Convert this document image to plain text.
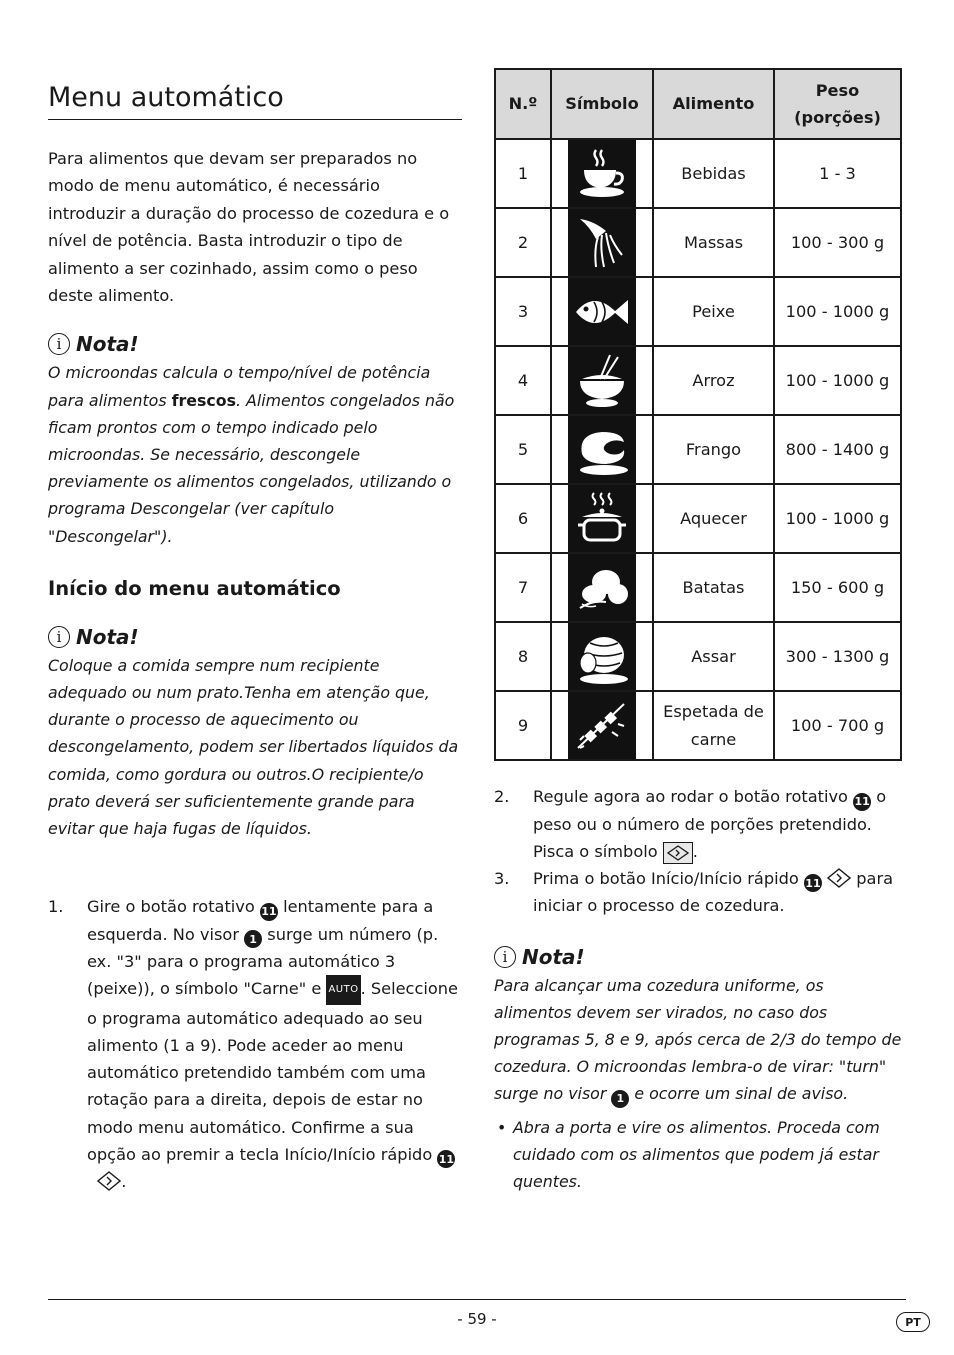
Menu automático

Para alimentos que devam ser preparados no modo de menu automático, é necessário introduzir a duração do processo de cozedura e o nível de potência. Basta introduzir o tipo de alimento a ser cozinhado, assim como o peso deste alimento.

i Nota!

O microondas calcula o tempo/nível de potência para alimentos frescos. Alimentos congelados não ficam prontos com o tempo indicado pelo microondas. Se necessário, descongele previamente os alimentos congelados, utilizando o programa Descongelar (ver capítulo "Descongelar").

Início do menu automático
i Nota!

Coloque a comida sempre num recipiente adequado ou num prato.Tenha em atenção que, durante o processo de aquecimento ou descongelamento, podem ser libertados líquidos da comida, como gordura ou outros.O recipiente/o prato deverá ser suficientemente grande para evitar que haja fugas de líquidos.

1.	Gire o botão rotativo 11 lentamente para a esquerda. No visor 1 surge um número (p. ex. "3" para o programa automático 3 (peixe)), o símbolo "Carne" e AUTO . Seleccione o programa automático adequado ao seu alimento (1 a 9). Pode aceder ao menu automático pretendido também com uma rotação para a direita, depois de estar no modo menu automático. Confirme a sua opção ao premir a tecla Início/Início rápido 11  .
N.º	Símbolo	Alimento	Peso (porções)
1		Bebidas	1 - 3
2		Massas	100 - 300 g
3		Peixe	100 - 1000 g
4		Arroz	100 - 1000 g
5		Frango	800 - 1400 g
6		Aquecer	100 - 1000 g
7		Batatas	150 - 600 g
8		Assar	300 - 1300 g
9		Espetada de carne	100 - 700 g
2.	Regule agora ao rodar o botão rotativo 11 o peso ou o número de porções pretendido. Pisca o símbolo
.
3.	Prima o botão Início/Início rápido 11  para iniciar o processo de cozedura.
i Nota!

Para alcançar uma cozedura uniforme, os alimentos devem ser virados, no caso dos programas 5, 8 e 9, após cerca de 2/3 do tempo de cozedura. O microondas lembra-o de virar: "turn" surge no visor 1 e ocorre um sinal de aviso.

• Abra a porta e vire os alimentos. Proceda com cuidado com os alimentos que podem já estar quentes.
- 59 -	PT
